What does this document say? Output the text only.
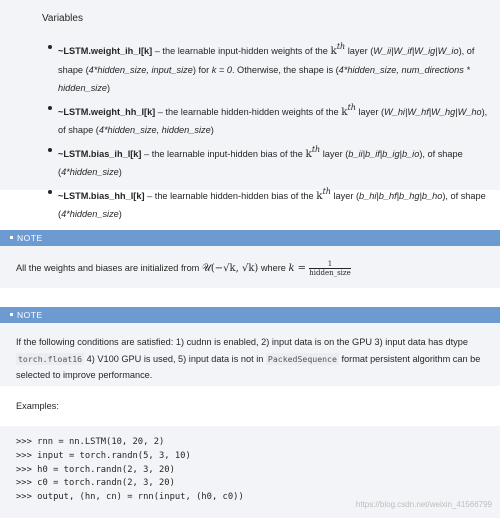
Variables
~LSTM.weight_ih_l[k] – the learnable input-hidden weights of the $k^{th}$ layer (W_ii|W_if|W_ig|W_io), of shape (4*hidden_size, input_size) for k = 0. Otherwise, the shape is (4*hidden_size, num_directions * hidden_size)
~LSTM.weight_hh_l[k] – the learnable hidden-hidden weights of the $k^{th}$ layer (W_hi|W_hf|W_hg|W_ho), of shape (4*hidden_size, hidden_size)
~LSTM.bias_ih_l[k] – the learnable input-hidden bias of the $k^{th}$ layer (b_ii|b_if|b_ig|b_io), of shape (4*hidden_size)
~LSTM.bias_hh_l[k] – the learnable hidden-hidden bias of the $k^{th}$ layer (b_hi|b_hf|b_hg|b_ho), of shape (4*hidden_size)
NOTE
All the weights and biases are initialized from 𝒰(−√k, √k) where $k = \frac{1}{\text{hidden\_size}}$
NOTE
If the following conditions are satisfied: 1) cudnn is enabled, 2) input data is on the GPU 3) input data has dtype torch.float16 4) V100 GPU is used, 5) input data is not in PackedSequence format persistent algorithm can be selected to improve performance.
Examples:
>>> rnn = nn.LSTM(10, 20, 2)
>>> input = torch.randn(5, 3, 10)
>>> h0 = torch.randn(2, 3, 20)
>>> c0 = torch.randn(2, 3, 20)
>>> output, (hn, cn) = rnn(input, (h0, c0))
https://blog.csdn.net/weixin_41566799
